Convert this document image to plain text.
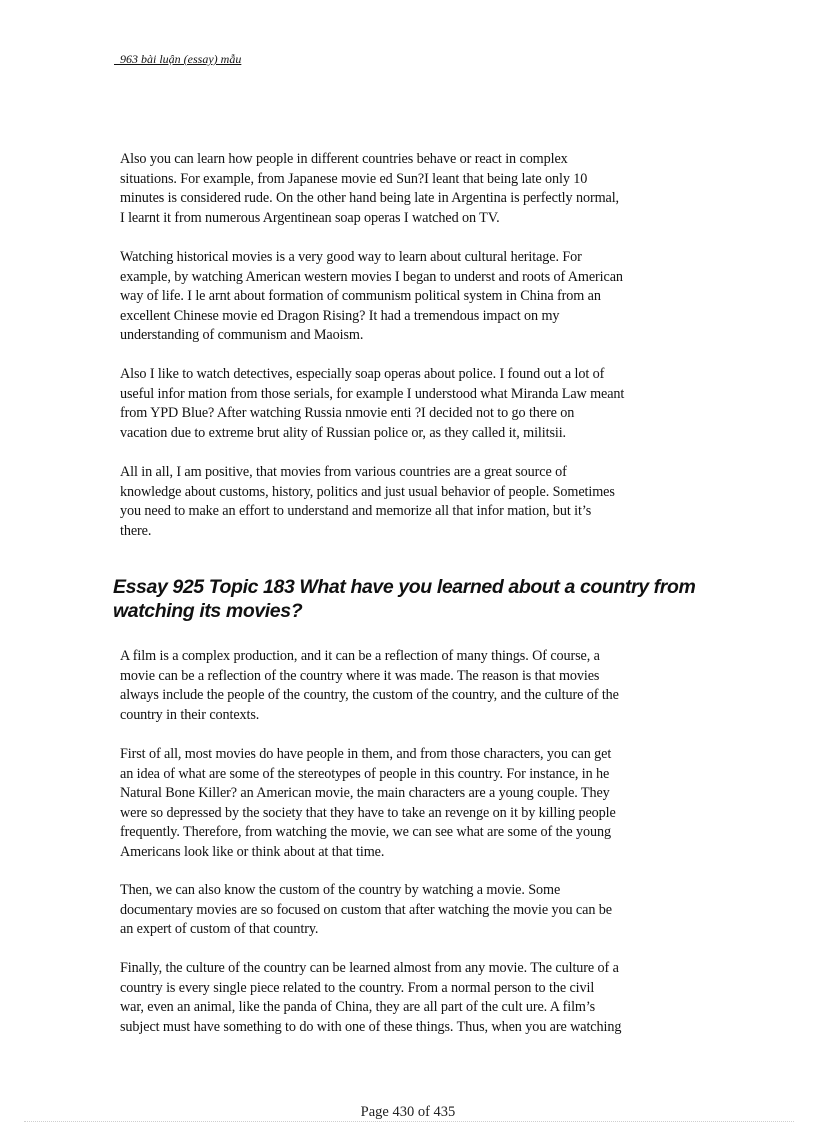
963 bài luận (essay) mẫu

Also you can learn how people in different countries behave or react in complex
situations. For example, from Japanese movie ed Sun?I leant that being late only 10
minutes is considered rude. On the other hand being late in Argentina is perfectly normal,
I learnt it from numerous Argentinean soap operas I watched on TV.

Watching historical movies is a very good way to learn about cultural heritage. For
example, by watching American western movies I began to underst and roots of American
way of life. I le arnt about formation of communism political system in China from an
excellent Chinese movie ed Dragon Rising? It had a tremendous impact on my
understanding of communism and Maoism.

Also I like to watch detectives, especially soap operas about police. I found out a lot of
useful infor mation from those serials, for example I understood what Miranda Law meant
from YPD Blue? After watching Russia nmovie enti ?I decided not to go there on
vacation due to extreme brut ality of Russian police or, as they called it, militsii.

All in all, I am positive, that movies from various countries are a great source of
knowledge about customs, history, politics and just usual behavior of people. Sometimes
you need to make an effort to understand and memorize all that infor mation, but it’s
there.

Essay 925 Topic 183 What have you learned about a country from watching its movies?

A film is a complex production, and it can be a reflection of many things. Of course, a
movie can be a reflection of the country where it was made. The reason is that movies
always include the people of the country, the custom of the country, and the culture of the
country in their contexts.

First of all, most movies do have people in them, and from those characters, you can get
an idea of what are some of the stereotypes of people in this country. For instance, in he
Natural Bone Killer? an American movie, the main characters are a young couple. They
were so depressed by the society that they have to take an revenge on it by killing people
frequently. Therefore, from watching the movie, we can see what are some of the young
Americans look like or think about at that time.

Then, we can also know the custom of the country by watching a movie. Some
documentary movies are so focused on custom that after watching the movie you can be
an expert of custom of that country.

Finally, the culture of the country can be learned almost from any movie. The culture of a
country is every single piece related to the country. From a normal person to the civil
war, even an animal, like the panda of China, they are all part of the cult ure. A film’s
subject must have something to do with one of these things. Thus, when you are watching

Page 430 of 435
